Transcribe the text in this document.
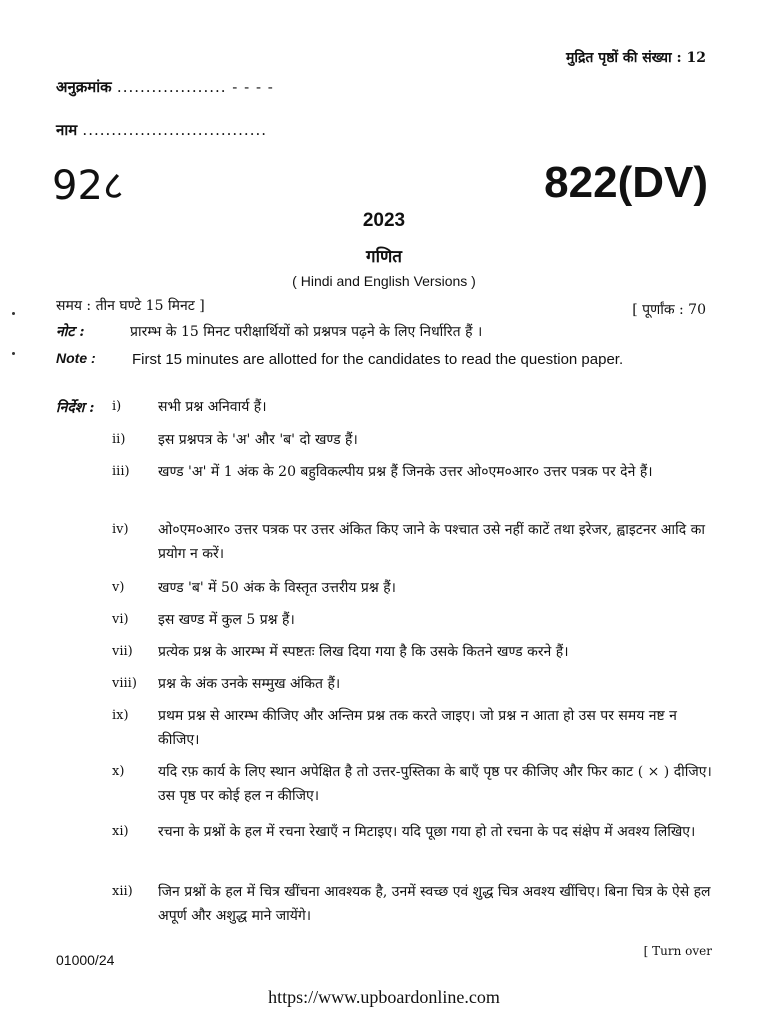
मुद्रित पृष्ठों की संख्या : 12
अनुक्रमांक ................... - - - -
नाम ................................
92८	822(DV)
2023
गणित
( Hindi and English Versions )
समय : तीन घण्टे 15 मिनट ]	[ पूर्णांक : 70
नोट :	प्रारम्भ के 15 मिनट परीक्षार्थियों को प्रश्नपत्र पढ़ने के लिए निर्धारित हैं ।
Note : First 15 minutes are allotted for the candidates to read the question paper.
निर्देश : i)	सभी प्रश्न अनिवार्य हैं।
ii) इस प्रश्नपत्र के 'अ' और 'ब' दो खण्ड हैं।
iii) खण्ड 'अ' में 1 अंक के 20 बहुविकल्पीय प्रश्न हैं जिनके उत्तर ओ०एम०आर० उत्तर पत्रक पर देने हैं।
iv) ओ०एम०आर० उत्तर पत्रक पर उत्तर अंकित किए जाने के पश्चात उसे नहीं काटें तथा इरेजर, ह्वाइटनर आदि का प्रयोग न करें।
v) खण्ड 'ब' में 50 अंक के विस्तृत उत्तरीय प्रश्न हैं।
vi) इस खण्ड में कुल 5 प्रश्न हैं।
vii) प्रत्येक प्रश्न के आरम्भ में स्पष्टतः लिख दिया गया है कि उसके कितने खण्ड करने हैं।
viii) प्रश्न के अंक उनके सम्मुख अंकित हैं।
ix) प्रथम प्रश्न से आरम्भ कीजिए और अन्तिम प्रश्न तक करते जाइए। जो प्रश्न न आता हो उस पर समय नष्ट न कीजिए।
x) यदि रफ़ कार्य के लिए स्थान अपेक्षित है तो उत्तर-पुस्तिका के बाएँ पृष्ठ पर कीजिए और फिर काट ( × ) दीजिए। उस पृष्ठ पर कोई हल न कीजिए।
xi) रचना के प्रश्नों के हल में रचना रेखाएँ न मिटाइए। यदि पूछा गया हो तो रचना के पद संक्षेप में अवश्य लिखिए।
xii) जिन प्रश्नों के हल में चित्र खींचना आवश्यक है, उनमें स्वच्छ एवं शुद्ध चित्र अवश्य खींचिए। बिना चित्र के ऐसे हल अपूर्ण और अशुद्ध माने जायेंगे।
01000/24
[ Turn over
https://www.upboardonline.com
